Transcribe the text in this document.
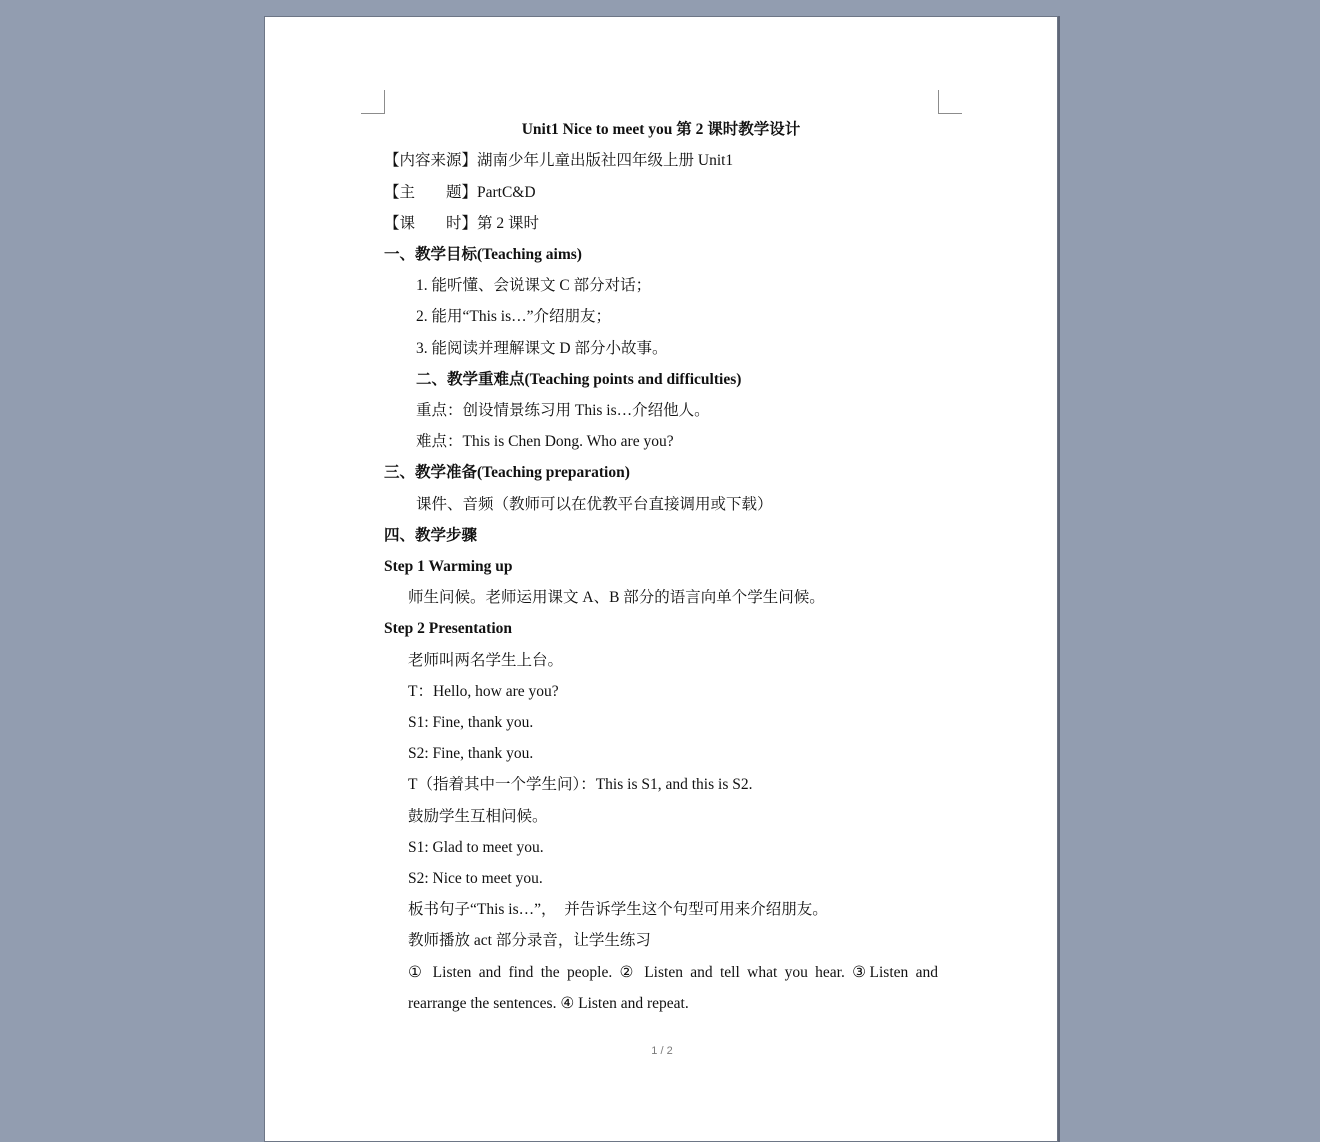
Unit1 Nice to meet you 第 2 课时教学设计
【内容来源】湖南少年儿童出版社四年级上册 Unit1
【主　　题】PartC&D
【课　　时】第 2 课时
一、教学目标(Teaching aims)
1. 能听懂、会说课文 C 部分对话；
2. 能用“This is…”介绍朋友；
3. 能阅读并理解课文 D 部分小故事。
二、教学重难点(Teaching points and difficulties)
重点：创设情景练习用 This is…介绍他人。
难点：This is Chen Dong. Who are you?
三、教学准备(Teaching preparation)
课件、音频（教师可以在优教平台直接调用或下载）
四、教学步骤
Step 1 Warming up
师生问候。老师运用课文 A、B 部分的语言向单个学生问候。
Step 2 Presentation
老师叫两名学生上台。
T：Hello, how are you?
S1: Fine, thank you.
S2: Fine, thank you.
T（指着其中一个学生问）：This is S1, and this is S2.
鼓励学生互相问候。
S1: Glad to meet you.
S2: Nice to meet you.
板书句子“This is…”，　并告诉学生这个句型可用来介绍朋友。
教师播放 act 部分录音，让学生练习
① Listen and find the people. ② Listen and tell what you hear. ③Listen and
rearrange the sentences. ④ Listen and repeat.
1 / 2
